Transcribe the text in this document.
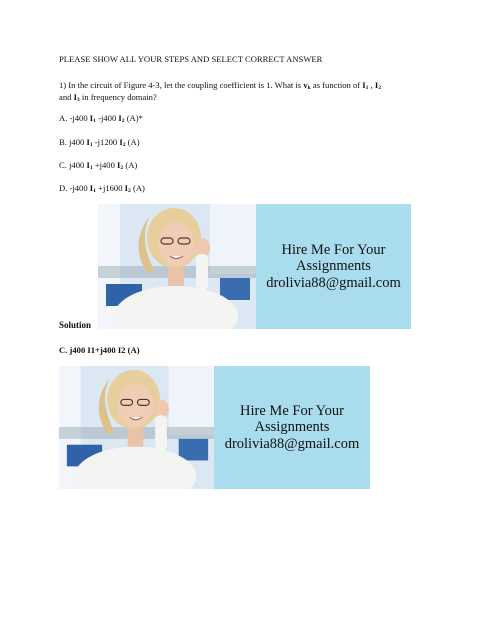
PLEASE SHOW ALL YOUR STEPS AND SELECT CORRECT ANSWER
1) In the circuit of Figure 4-3, let the coupling coefficient is 1. What is vk as function of I1 , I2
and I3 in frequency domain?
A. -j400 I1 -j400 I2 (A)*
B. j400 I1 -j1200 I2 (A)
C. j400 I1 +j400 I2 (A)
D. -j400 I1 +j1600 I2 (A)
Hire Me For Your
Assignments
drolivia88@gmail.com
Solution
C. j400 I1+j400 I2 (A)
Hire Me For Your
Assignments
drolivia88@gmail.com
